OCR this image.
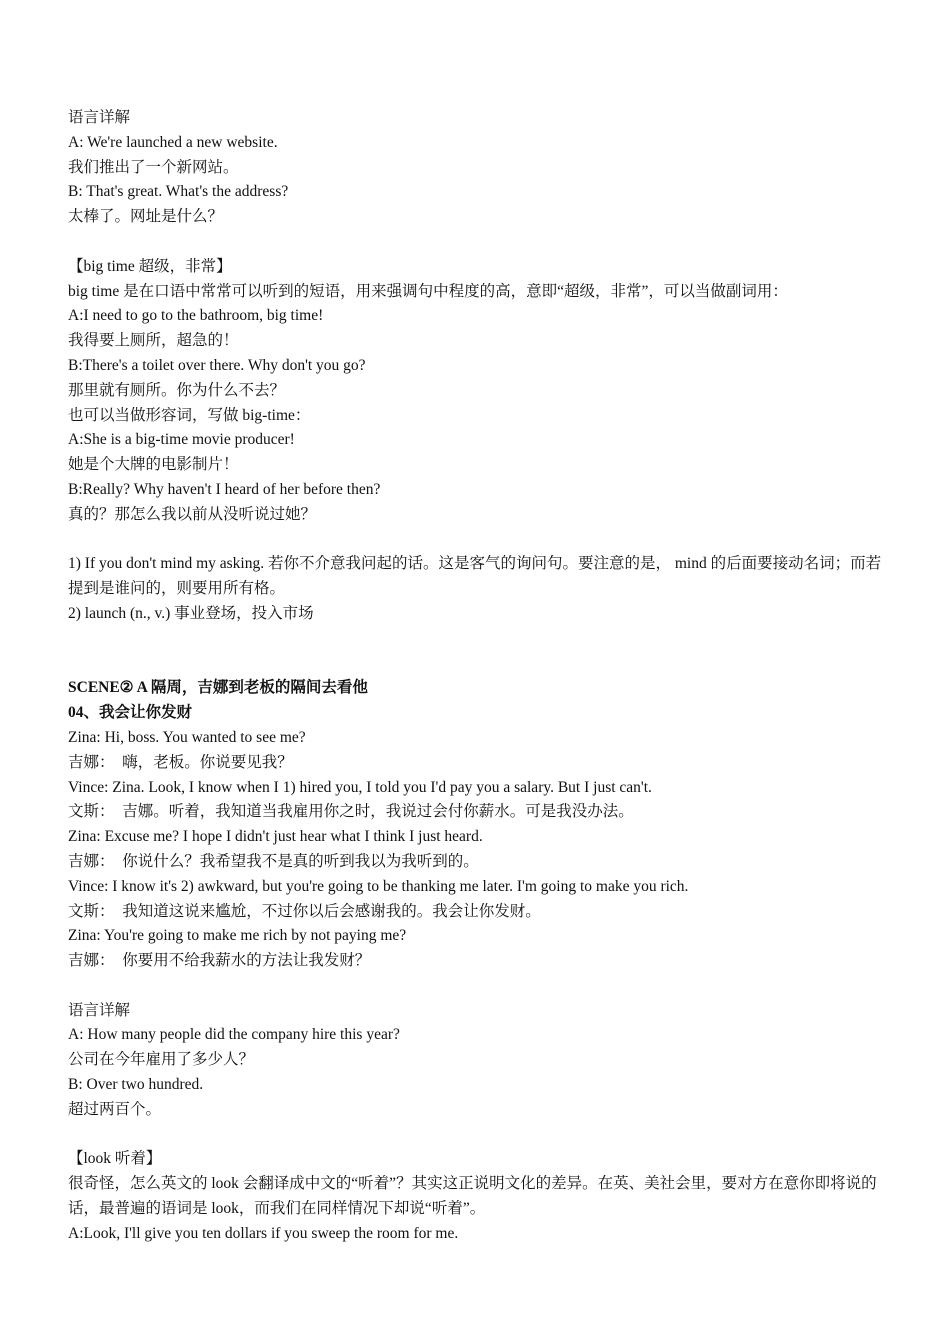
语言详解
A: We're launched a new website.
我们推出了一个新网站。
B: That's great. What's the address?
太棒了。网址是什么？
【big time 超级，非常】
big time 是在口语中常常可以听到的短语，用来强调句中程度的高，意即“超级，非常”，可以当做副词用：
A:I need to go to the bathroom, big time!
我得要上厕所，超急的！
B:There's a toilet over there. Why don't you go?
那里就有厕所。你为什么不去？
也可以当做形容词，写做 big-time：
A:She is a big-time movie producer!
她是个大牌的电影制片！
B:Really? Why haven't I heard of her before then?
真的？那怎么我以前从没听说过她？
1) If you don't mind my asking. 若你不介意我问起的话。这是客气的询问句。要注意的是， mind 的后面要接动名词；而若提到是谁问的，则要用所有格。
2) launch (n., v.) 事业登场，投入市场
SCENE② A 隔周，吉娜到老板的隔间去看他
04、我会让你发财
Zina: Hi, boss. You wanted to see me?
吉娜：　嗨，老板。你说要见我？
Vince: Zina. Look, I know when I 1) hired you, I told you I'd pay you a salary. But I just can't.
文斯：　吉娜。听着，我知道当我雇用你之时，我说过会付你薪水。可是我没办法。
Zina: Excuse me? I hope I didn't just hear what I think I just heard.
吉娜：　你说什么？我希望我不是真的听到我以为我听到的。
Vince: I know it's 2) awkward, but you're going to be thanking me later. I'm going to make you rich.
文斯：　我知道这说来尴尬，不过你以后会感谢我的。我会让你发财。
Zina: You're going to make me rich by not paying me?
吉娜：　你要用不给我薪水的方法让我发财？
语言详解
A: How many people did the company hire this year?
公司在今年雇用了多少人？
B: Over two hundred.
超过两百个。
【look 听着】
很奇怪，怎么英文的 look 会翻译成中文的“听着”？其实这正说明文化的差异。在英、美社会里，要对方在意你即将说的话，最普遍的语词是 look，而我们在同样情况下却说“听着”。
A:Look, I'll give you ten dollars if you sweep the room for me.
